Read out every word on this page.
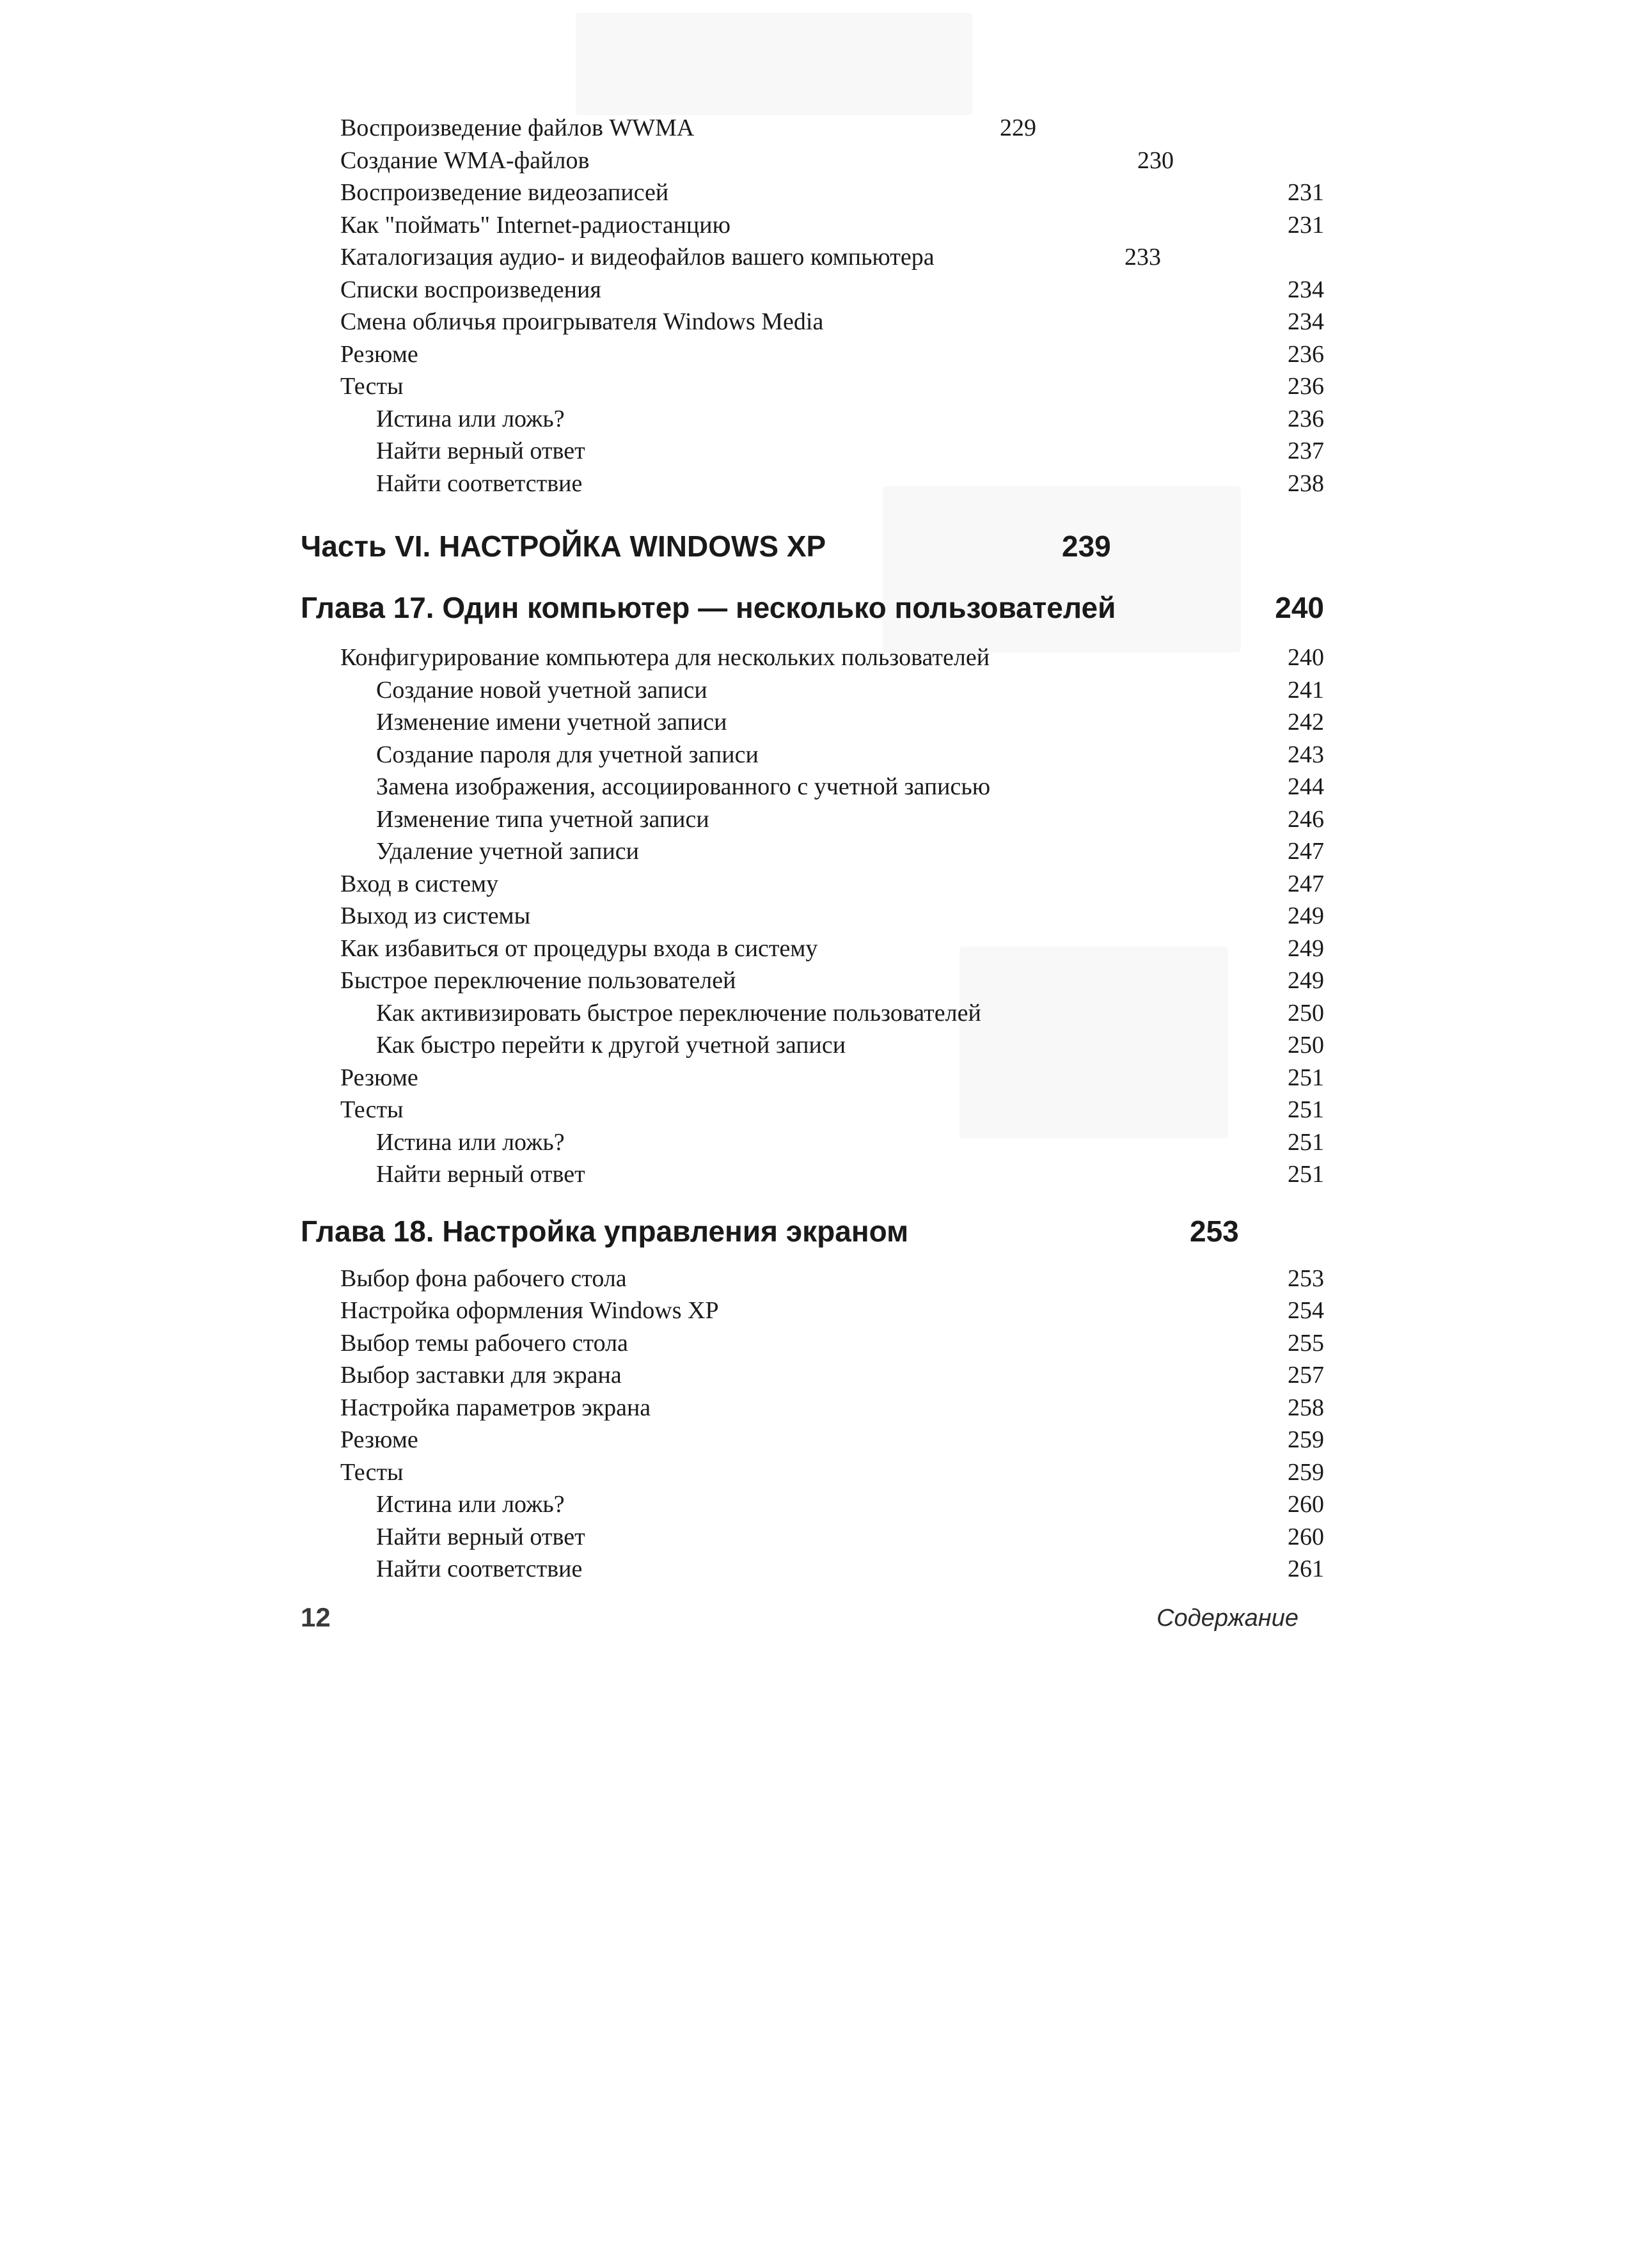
Воспроизведение файлов WWMA	229
Создание WMA-файлов	230
Воспроизведение видеозаписей	231
Как "поймать" Internet-радиостанцию	231
Каталогизация аудио- и видеофайлов вашего компьютера	233
Списки воспроизведения	234
Смена обличья проигрывателя Windows Media	234
Резюме	236
Тесты	236
Истина или ложь?	236
Найти верный ответ	237
Найти соответствие	238
Часть VI. НАСТРОЙКА WINDOWS XP	239
Глава 17. Один компьютер — несколько пользователей	240
Конфигурирование компьютера для нескольких пользователей	240
Создание новой учетной записи	241
Изменение имени учетной записи	242
Создание пароля для учетной записи	243
Замена изображения, ассоциированного с учетной записью	244
Изменение типа учетной записи	246
Удаление учетной записи	247
Вход в систему	247
Выход из системы	249
Как избавиться от процедуры входа в систему	249
Быстрое переключение пользователей	249
Как активизировать быстрое переключение пользователей	250
Как быстро перейти к другой учетной записи	250
Резюме	251
Тесты	251
Истина или ложь?	251
Найти верный ответ	251
Глава 18. Настройка управления экраном	253
Выбор фона рабочего стола	253
Настройка оформления Windows XP	254
Выбор темы рабочего стола	255
Выбор заставки для экрана	257
Настройка параметров экрана	258
Резюме	259
Тесты	259
Истина или ложь?	260
Найти верный ответ	260
Найти соответствие	261
12	Содержание
